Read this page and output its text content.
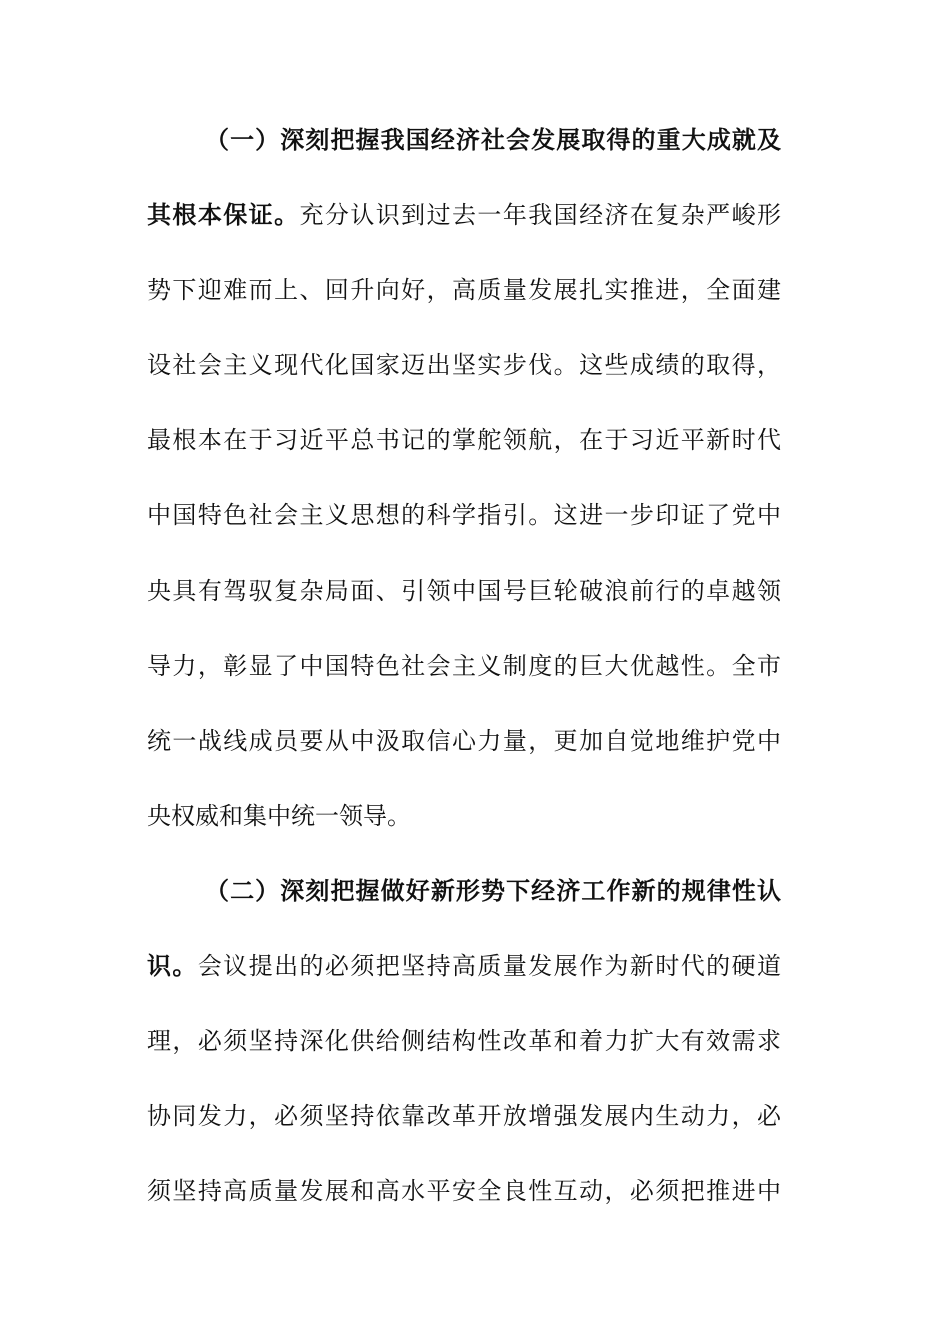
（一）深刻把握我国经济社会发展取得的重大成就及
其根本保证。充分认识到过去一年我国经济在复杂严峻形
势下迎难而上、回升向好，高质量发展扎实推进，全面建
设社会主义现代化国家迈出坚实步伐。这些成绩的取得，
最根本在于习近平总书记的掌舵领航，在于习近平新时代
中国特色社会主义思想的科学指引。这进一步印证了党中
央具有驾驭复杂局面、引领中国号巨轮破浪前行的卓越领
导力，彰显了中国特色社会主义制度的巨大优越性。全市
统一战线成员要从中汲取信心力量，更加自觉地维护党中
央权威和集中统一领导。
（二）深刻把握做好新形势下经济工作新的规律性认
识。会议提出的必须把坚持高质量发展作为新时代的硬道
理，必须坚持深化供给侧结构性改革和着力扩大有效需求
协同发力，必须坚持依靠改革开放增强发展内生动力，必
须坚持高质量发展和高水平安全良性互动，必须把推进中
